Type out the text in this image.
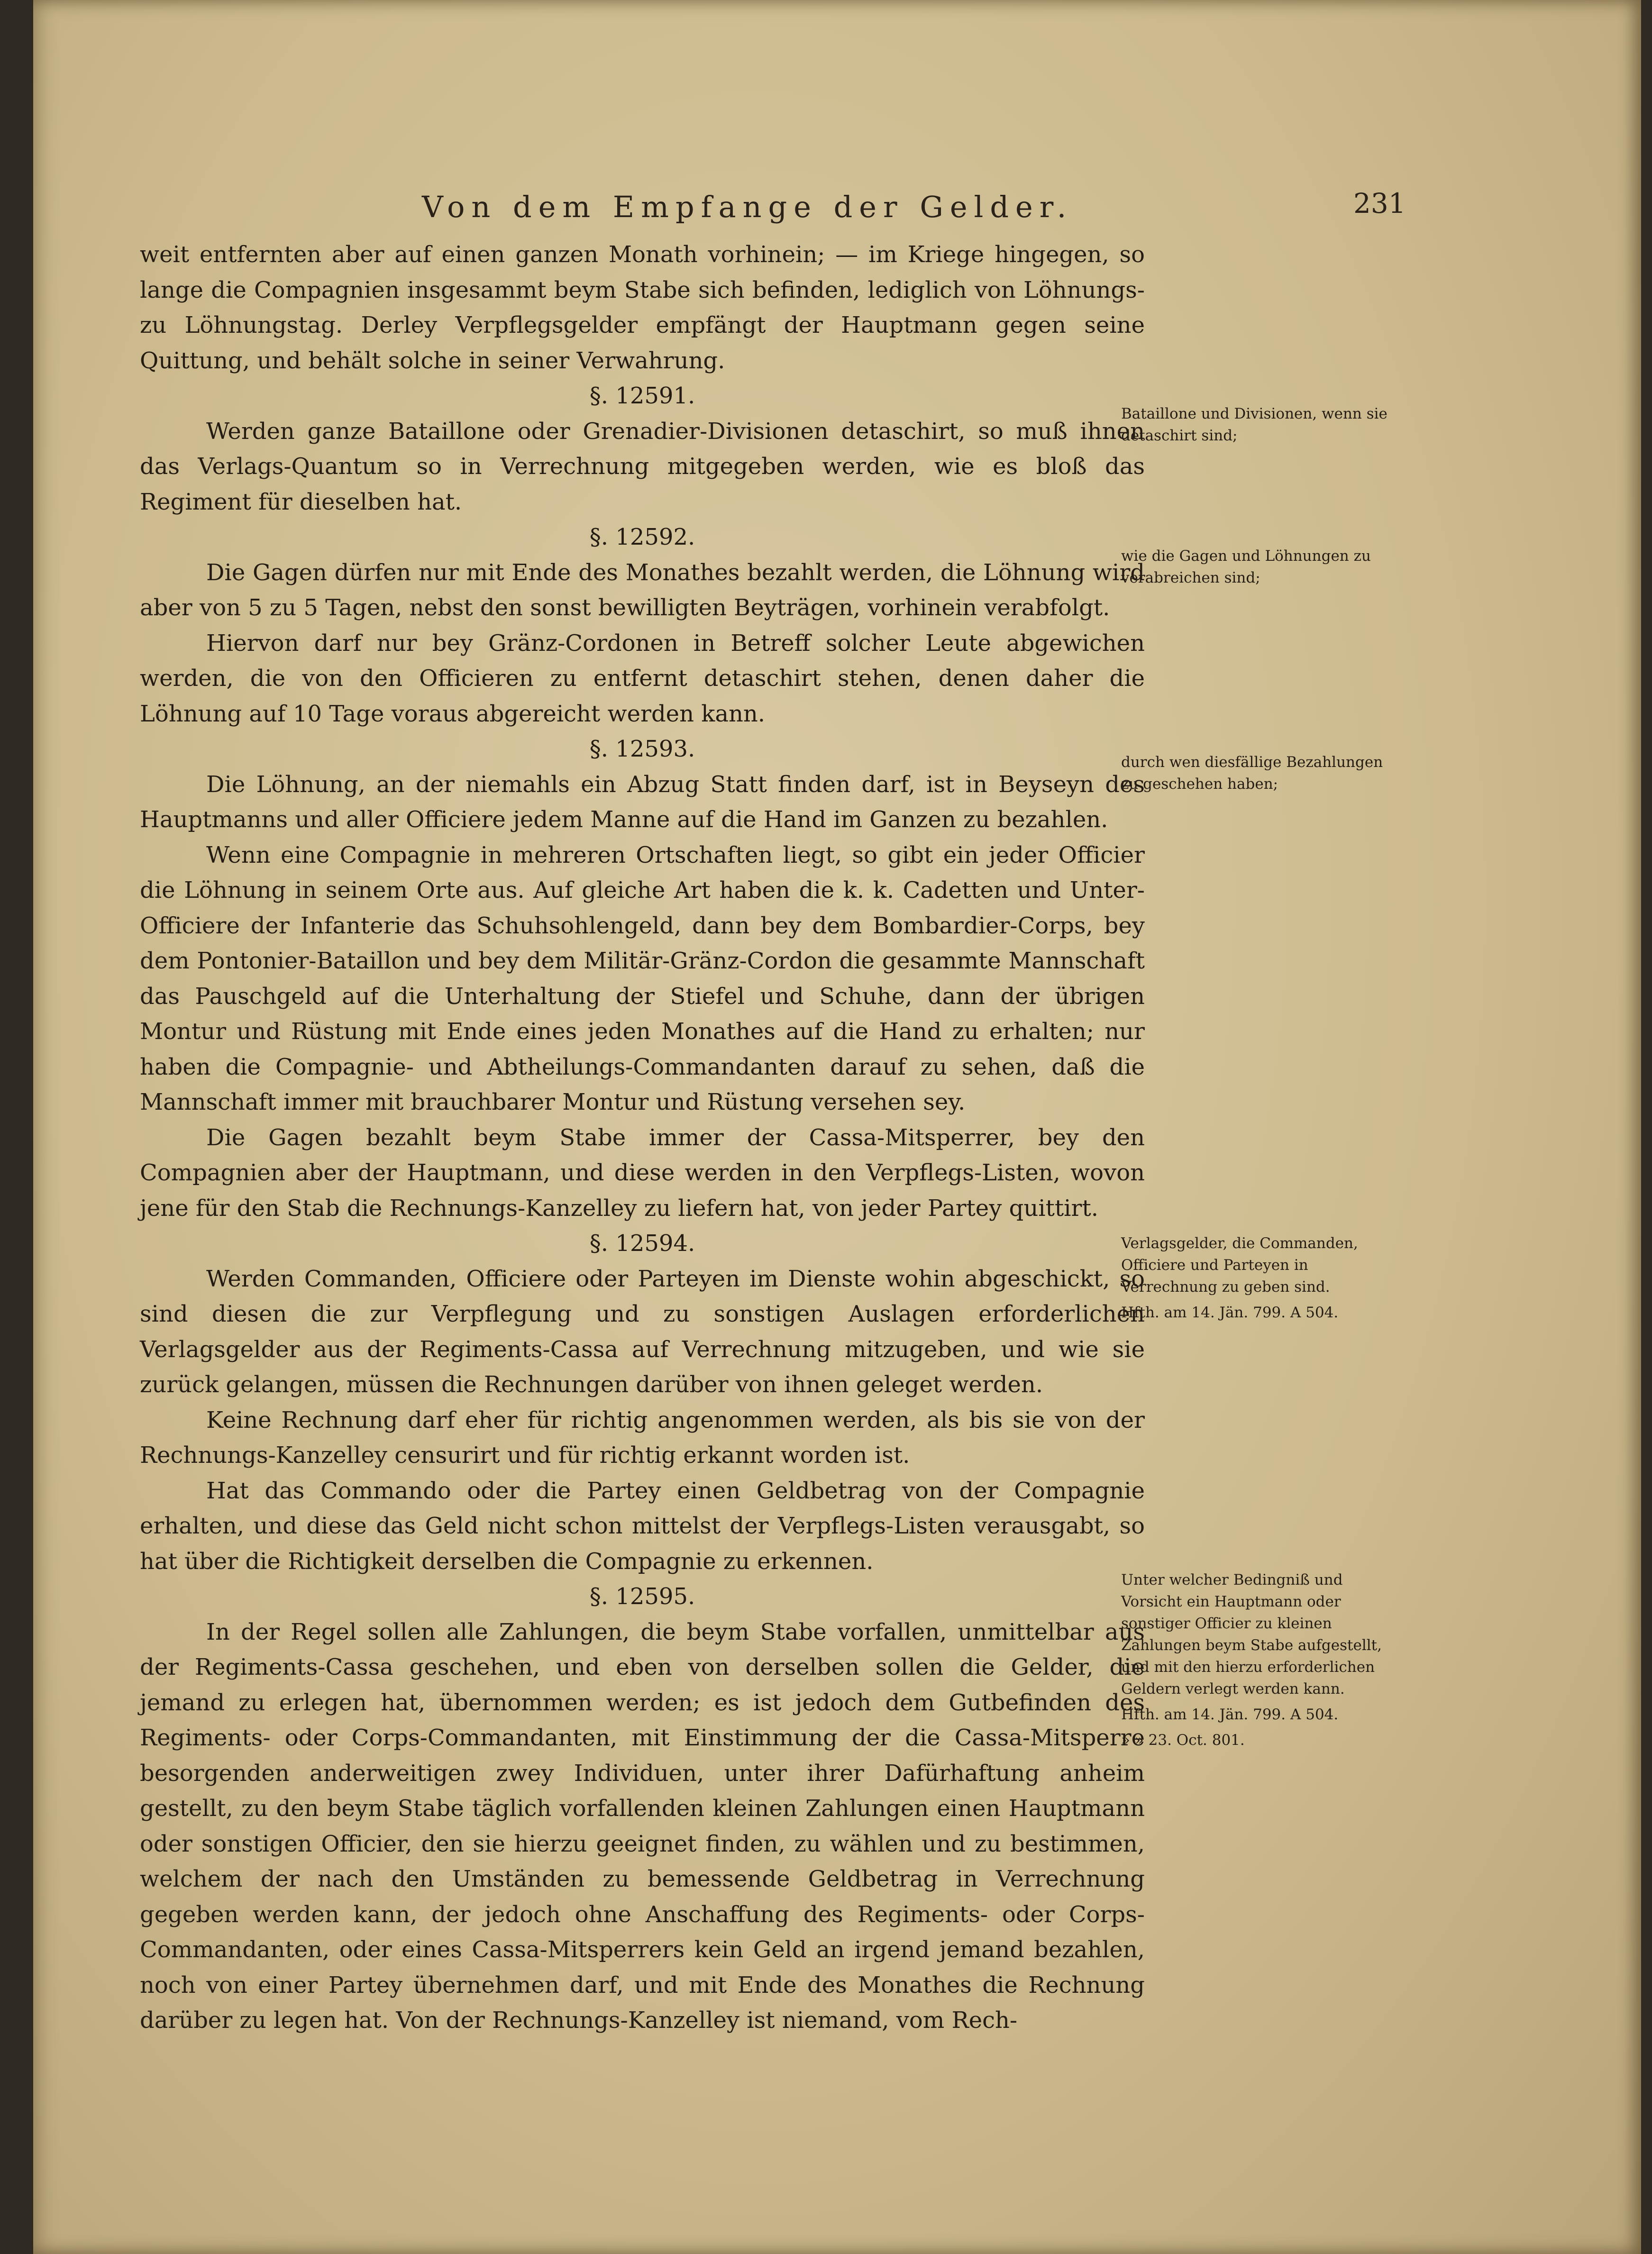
Von dem Empfange der Gelder.	231

weit entfernten aber auf einen ganzen Monath vorhinein; — im Kriege hingegen, so lange die Compagnien insgesammt beym Stabe sich befinden, lediglich von Löhnungs- zu Löhnungstag. Derley Verpflegsgelder empfängt der Hauptmann gegen seine Quittung, und behält solche in seiner Verwahrung.

§. 12591.

Werden ganze Bataillone oder Grenadier-Divisionen detaschirt, so muß ihnen das Verlags-Quantum so in Verrechnung mitgegeben werden, wie es bloß das Regiment für dieselben hat.

§. 12592.

Die Gagen dürfen nur mit Ende des Monathes bezahlt werden, die Löhnung wird aber von 5 zu 5 Tagen, nebst den sonst bewilligten Beyträgen, vorhinein verabfolgt.

Hiervon darf nur bey Gränz-Cordonen in Betreff solcher Leute abgewichen werden, die von den Officieren zu entfernt detaschirt stehen, denen daher die Löhnung auf 10 Tage voraus abgereicht werden kann.

§. 12593.

Die Löhnung, an der niemahls ein Abzug Statt finden darf, ist in Beyseyn des Hauptmanns und aller Officiere jedem Manne auf die Hand im Ganzen zu bezahlen.

Wenn eine Compagnie in mehreren Ortschaften liegt, so gibt ein jeder Officier die Löhnung in seinem Orte aus. Auf gleiche Art haben die k. k. Cadetten und Unter-Officiere der Infanterie das Schuhsohlengeld, dann bey dem Bombardier-Corps, bey dem Pontonier-Bataillon und bey dem Militär-Gränz-Cordon die gesammte Mannschaft das Pauschgeld auf die Unterhaltung der Stiefel und Schuhe, dann der übrigen Montur und Rüstung mit Ende eines jeden Monathes auf die Hand zu erhalten; nur haben die Compagnie- und Abtheilungs-Commandanten darauf zu sehen, daß die Mannschaft immer mit brauchbarer Montur und Rüstung versehen sey.

Die Gagen bezahlt beym Stabe immer der Cassa-Mitsperrer, bey den Compagnien aber der Hauptmann, und diese werden in den Verpflegs-Listen, wovon jene für den Stab die Rechnungs-Kanzelley zu liefern hat, von jeder Partey quittirt.

§. 12594.

Werden Commanden, Officiere oder Parteyen im Dienste wohin abgeschickt, so sind diesen die zur Verpflegung und zu sonstigen Auslagen erforderlichen Verlagsgelder aus der Regiments-Cassa auf Verrechnung mitzugeben, und wie sie zurück gelangen, müssen die Rechnungen darüber von ihnen geleget werden.

Keine Rechnung darf eher für richtig angenommen werden, als bis sie von der Rechnungs-Kanzelley censurirt und für richtig erkannt worden ist.

Hat das Commando oder die Partey einen Geldbetrag von der Compagnie erhalten, und diese das Geld nicht schon mittelst der Verpflegs-Listen verausgabt, so hat über die Richtigkeit derselben die Compagnie zu erkennen.

§. 12595.

In der Regel sollen alle Zahlungen, die beym Stabe vorfallen, unmittelbar aus der Regiments-Cassa geschehen, und eben von derselben sollen die Gelder, die jemand zu erlegen hat, übernommen werden; es ist jedoch dem Gutbefinden des Regiments- oder Corps-Commandanten, mit Einstimmung der die Cassa-Mitsperre besorgenden anderweitigen zwey Individuen, unter ihrer Dafürhaftung anheim gestellt, zu den beym Stabe täglich vorfallenden kleinen Zahlungen einen Hauptmann oder sonstigen Officier, den sie hierzu geeignet finden, zu wählen und zu bestimmen, welchem der nach den Umständen zu bemessende Geldbetrag in Verrechnung gegeben werden kann, der jedoch ohne Anschaffung des Regiments- oder Corps-Commandanten, oder eines Cassa-Mitsperrers kein Geld an irgend jemand bezahlen, noch von einer Partey übernehmen darf, und mit Ende des Monathes die Rechnung darüber zu legen hat. Von der Rechnungs-Kanzelley ist niemand, vom Rech-

Bataillone und Divisionen, wenn sie detaschirt sind;
wie die Gagen und Löhnungen zu verabreichen sind;
durch wen diesfällige Bezahlungen zu geschehen haben;
Verlagsgelder, die Commanden, Officiere und Parteyen in Verrechnung zu geben sind.
Hfth. am 14. Jän. 799. A 504.
Unter welcher Bedingniß und Vorsicht ein Hauptmann oder sonstiger Officier zu kleinen Zahlungen beym Stabe aufgestellt, und mit den hierzu erforderlichen Geldern verlegt werden kann.
Hfth. am 14. Jän. 799. A 504.
» » 23. Oct. 801.
